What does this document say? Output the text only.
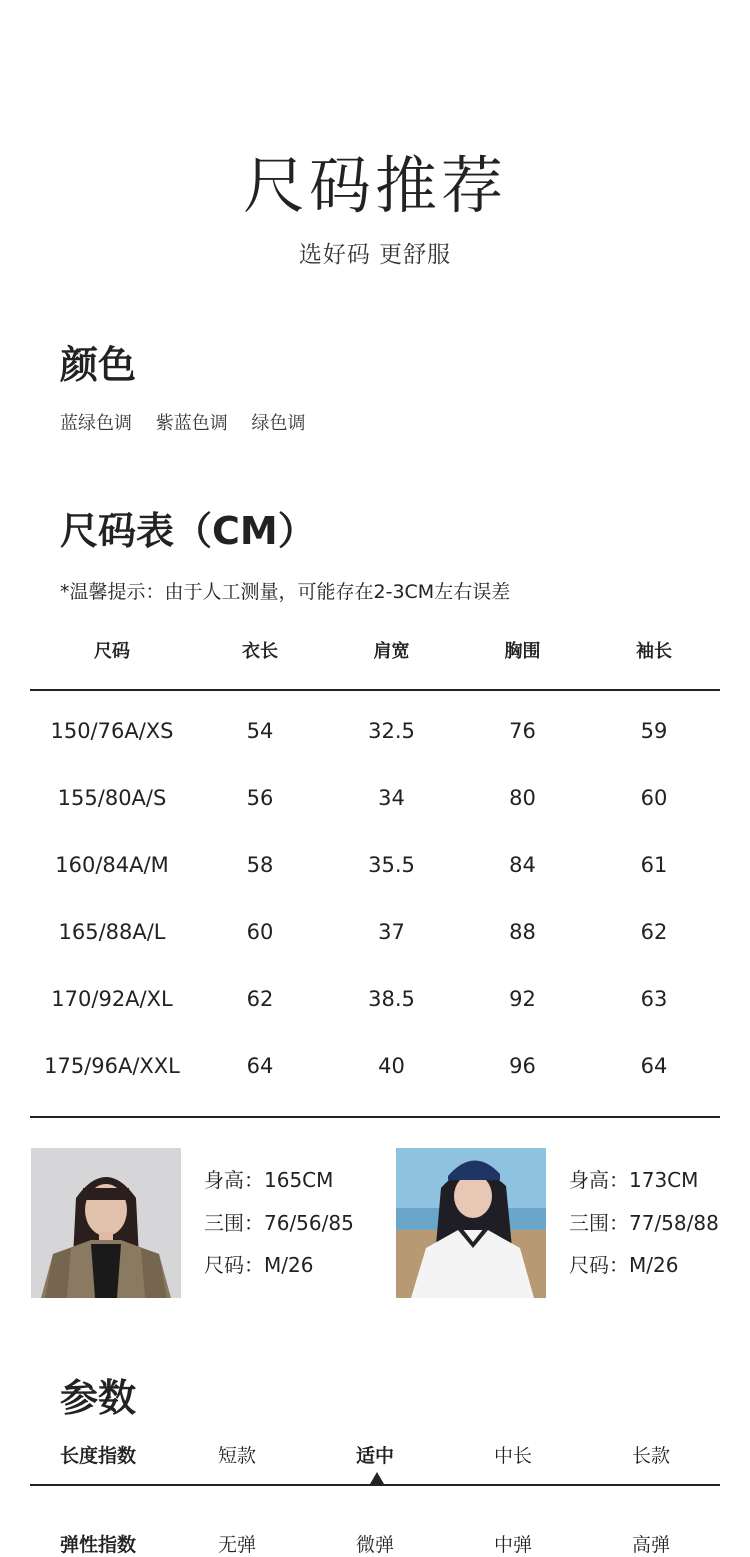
尺码推荐
选好码 更舒服
颜色
蓝绿色调 紫蓝色调 绿色调
尺码表（CM）
*温馨提示：由于人工测量，可能存在2-3CM左右误差
尺码	衣长	肩宽	胸围	袖长
150/76A/XS	54	32.5	76	59
155/80A/S	56	34	80	60
160/84A/M	58	35.5	84	61
165/88A/L	60	37	88	62
170/92A/XL	62	38.5	92	63
175/96A/XXL	64	40	96	64
身高：165CM
三围：76/56/85
尺码：M/26
身高：173CM
三围：77/58/88
尺码：M/26
参数
长度指数	短款	适中	中长	长款
弹性指数	无弹	微弹	中弹	高弹
